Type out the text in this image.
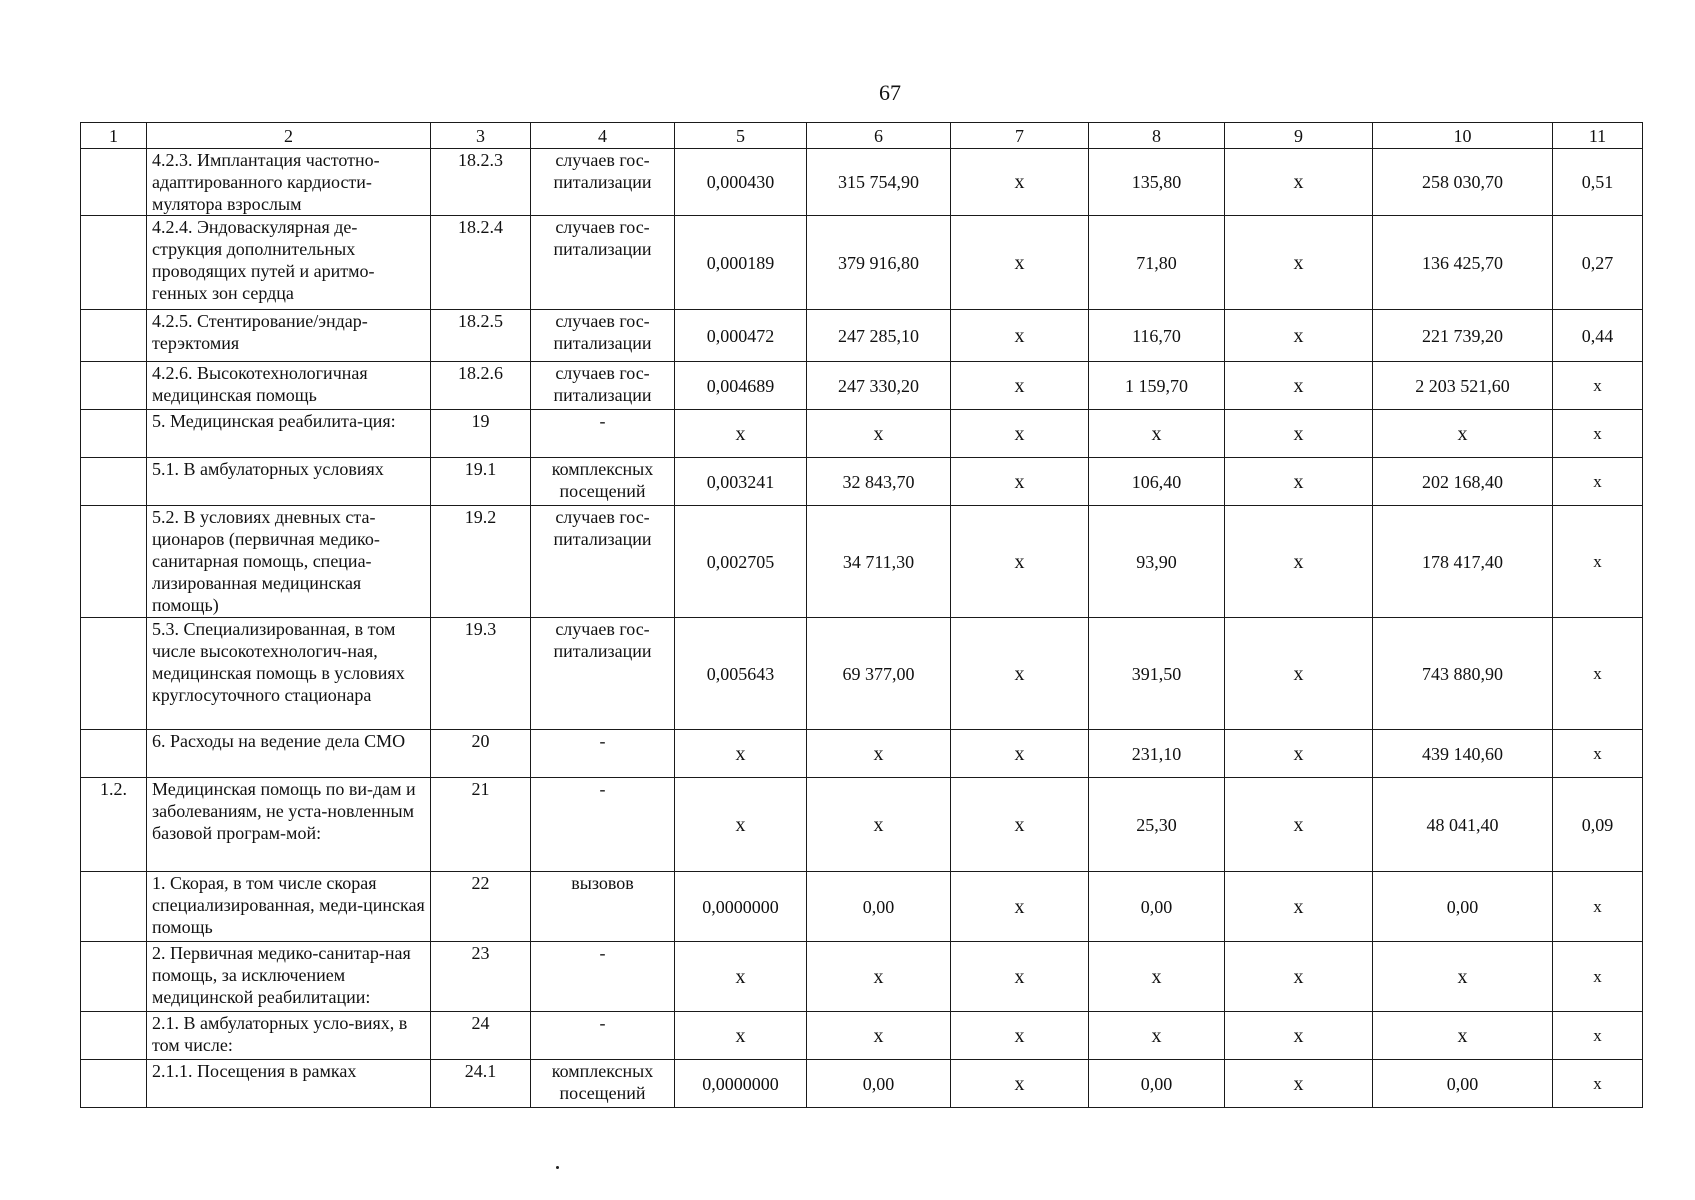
67
1	2	3	4	5	6	7	8	9	10	11
	4.2.3. Имплантация частотно-адаптированного кардиости-мулятора взрослым	18.2.3	случаев гос-питализации	0,000430	315 754,90	x	135,80	x	258 030,70	0,51
	4.2.4. Эндоваскулярная де-струкция дополнительных проводящих путей и аритмо-генных зон сердца	18.2.4	случаев гос-питализации	0,000189	379 916,80	x	71,80	x	136 425,70	0,27
	4.2.5. Стентирование/эндар-терэктомия	18.2.5	случаев гос-питализации	0,000472	247 285,10	x	116,70	x	221 739,20	0,44
	4.2.6. Высокотехнологичная медицинская помощь	18.2.6	случаев гос-питализации	0,004689	247 330,20	x	1 159,70	x	2 203 521,60	x
	5. Медицинская реабилита-ция:	19	-	x	x	x	x	x	x	x
	5.1. В амбулаторных условиях	19.1	комплексных посещений	0,003241	32 843,70	x	106,40	x	202 168,40	x
	5.2. В условиях дневных ста-ционаров (первичная медико-санитарная помощь, специа-лизированная медицинская помощь)	19.2	случаев гос-питализации	0,002705	34 711,30	x	93,90	x	178 417,40	x
	5.3. Специализированная, в том числе высокотехнологич-ная, медицинская помощь в условиях круглосуточного стационара	19.3	случаев гос-питализации	0,005643	69 377,00	x	391,50	x	743 880,90	x
	6. Расходы на ведение дела СМО	20	-	x	x	x	231,10	x	439 140,60	x
1.2.	Медицинская помощь по ви-дам и заболеваниям, не уста-новленным базовой програм-мой:	21	-	x	x	x	25,30	x	48 041,40	0,09
	1. Скорая, в том числе скорая специализированная, меди-цинская помощь	22	вызовов	0,0000000	0,00	x	0,00	x	0,00	x
	2. Первичная медико-санитар-ная помощь, за исключением медицинской реабилитации:	23	-	x	x	x	x	x	x	x
	2.1. В амбулаторных усло-виях, в том числе:	24	-	x	x	x	x	x	x	x
	2.1.1. Посещения в рамках	24.1	комплексных посещений	0,0000000	0,00	x	0,00	x	0,00	x
